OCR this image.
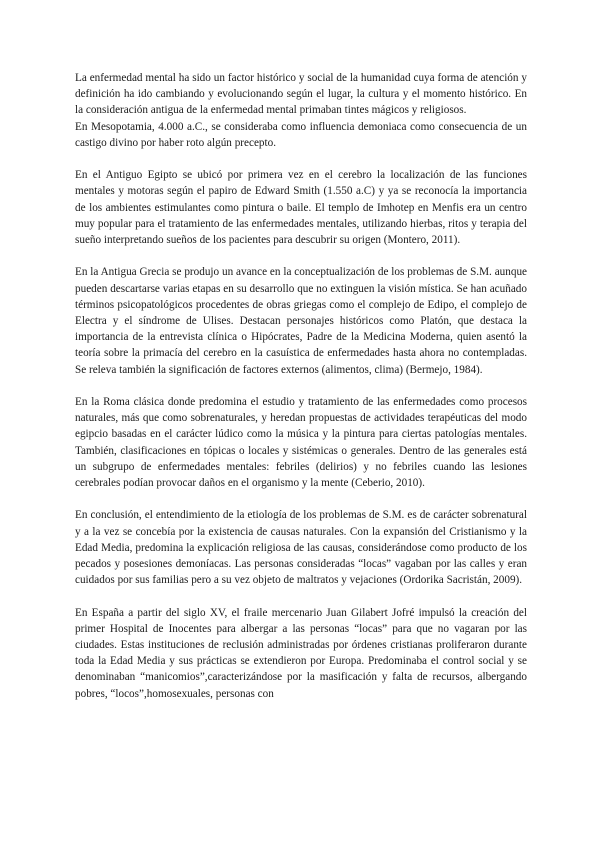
La enfermedad mental ha sido un factor histórico y social de la humanidad cuya forma de atención y definición ha ido cambiando y evolucionando según el lugar, la cultura y el momento histórico. En la consideración antigua de la enfermedad mental primaban tintes mágicos y religiosos.

En Mesopotamia, 4.000 a.C., se consideraba como influencia demoniaca como consecuencia de un castigo divino por haber roto algún precepto.

En el Antiguo Egipto se ubicó por primera vez en el cerebro la localización de las funciones mentales y motoras según el papiro de Edward Smith (1.550 a.C) y ya se reconocía la importancia de los ambientes estimulantes como pintura o baile. El templo de Imhotep en Menfis era un centro muy popular para el tratamiento de las enfermedades mentales, utilizando hierbas, ritos y terapia del sueño interpretando sueños de los pacientes para descubrir su origen (Montero, 2011).

En la Antigua Grecia se produjo un avance en la conceptualización de los problemas de S.M. aunque pueden descartarse varias etapas en su desarrollo que no extinguen la visión mística. Se han acuñado términos psicopatológicos procedentes de obras griegas como el complejo de Edipo, el complejo de Electra y el síndrome de Ulises. Destacan personajes históricos como Platón, que destaca la importancia de la entrevista clínica o Hipócrates, Padre de la Medicina Moderna, quien asentó la teoría sobre la primacía del cerebro en la casuística de enfermedades hasta ahora no contempladas. Se releva también la significación de factores externos (alimentos, clima) (Bermejo, 1984).

En la Roma clásica donde predomina el estudio y tratamiento de las enfermedades como procesos naturales, más que como sobrenaturales, y heredan propuestas de actividades terapéuticas del modo egipcio basadas en el carácter lúdico como la música y la pintura para ciertas patologías mentales. También, clasificaciones en tópicas o locales y sistémicas o generales. Dentro de las generales está un subgrupo de enfermedades mentales: febriles (delirios) y no febriles cuando las lesiones cerebrales podían provocar daños en el organismo y la mente (Ceberio, 2010).

En conclusión, el entendimiento de la etiología de los problemas de S.M. es de carácter sobrenatural y a la vez se concebía por la existencia de causas naturales. Con la expansión del Cristianismo y la Edad Media, predomina la explicación religiosa de las causas, considerándose como producto de los pecados y posesiones demoníacas. Las personas consideradas “locas” vagaban por las calles y eran cuidados por sus familias pero a su vez objeto de maltratos y vejaciones (Ordorika Sacristán, 2009).

En España a partir del siglo XV, el fraile mercenario Juan Gilabert Jofré impulsó la creación del primer Hospital de Inocentes para albergar a las personas “locas” para que no vagaran por las ciudades. Estas instituciones de reclusión administradas por órdenes cristianas proliferaron durante toda la Edad Media y sus prácticas se extendieron por Europa. Predominaba el control social y se denominaban “manicomios”,caracterizándose por la masificación y falta de recursos, albergando pobres, “locos”,homosexuales, personas con
